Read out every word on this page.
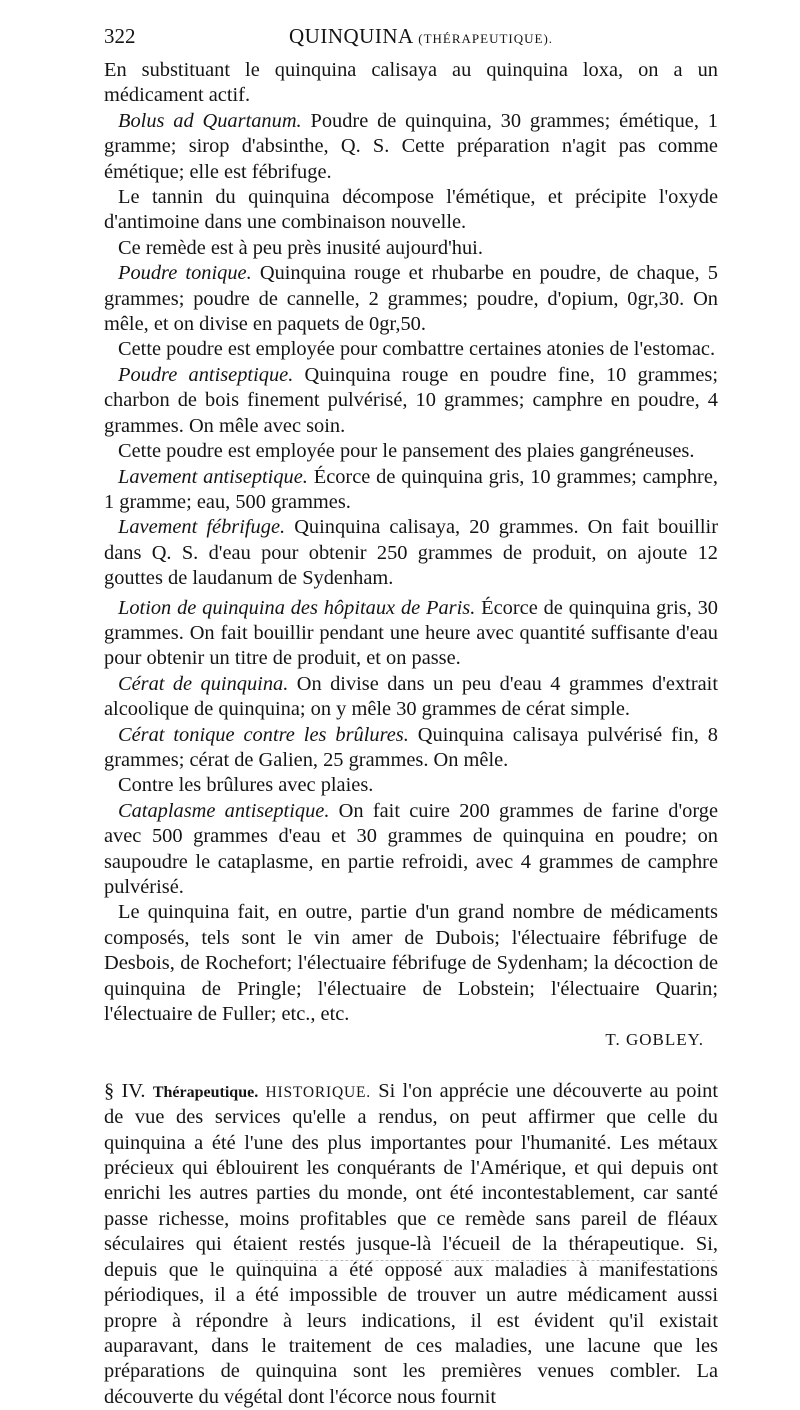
322	QUINQUINA (THÉRAPEUTIQUE).

En substituant le quinquina calisaya au quinquina loxa, on a un médicament actif.

Bolus ad Quartanum. Poudre de quinquina, 30 grammes; émétique, 1 gramme; sirop d'absinthe, Q. S. Cette préparation n'agit pas comme émétique; elle est fébrifuge.

Le tannin du quinquina décompose l'émétique, et précipite l'oxyde d'antimoine dans une combinaison nouvelle.

Ce remède est à peu près inusité aujourd'hui.

Poudre tonique. Quinquina rouge et rhubarbe en poudre, de chaque, 5 grammes; poudre de cannelle, 2 grammes; poudre, d'opium, 0gr,30. On mêle, et on divise en paquets de 0gr,50.

Cette poudre est employée pour combattre certaines atonies de l'estomac.

Poudre antiseptique. Quinquina rouge en poudre fine, 10 grammes; charbon de bois finement pulvérisé, 10 grammes; camphre en poudre, 4 grammes. On mêle avec soin.

Cette poudre est employée pour le pansement des plaies gangréneuses.

Lavement antiseptique. Écorce de quinquina gris, 10 grammes; camphre, 1 gramme; eau, 500 grammes.

Lavement fébrifuge. Quinquina calisaya, 20 grammes. On fait bouillir dans Q. S. d'eau pour obtenir 250 grammes de produit, on ajoute 12 gouttes de laudanum de Sydenham.

Lotion de quinquina des hôpitaux de Paris. Écorce de quinquina gris, 30 grammes. On fait bouillir pendant une heure avec quantité suffisante d'eau pour obtenir un titre de produit, et on passe.

Cérat de quinquina. On divise dans un peu d'eau 4 grammes d'extrait alcoolique de quinquina; on y mêle 30 grammes de cérat simple.

Cérat tonique contre les brûlures. Quinquina calisaya pulvérisé fin, 8 grammes; cérat de Galien, 25 grammes. On mêle.

Contre les brûlures avec plaies.

Cataplasme antiseptique. On fait cuire 200 grammes de farine d'orge avec 500 grammes d'eau et 30 grammes de quinquina en poudre; on saupoudre le cataplasme, en partie refroidi, avec 4 grammes de camphre pulvérisé.

Le quinquina fait, en outre, partie d'un grand nombre de médicaments composés, tels sont le vin amer de Dubois; l'électuaire fébrifuge de Desbois, de Rochefort; l'électuaire fébrifuge de Sydenham; la décoction de quinquina de Pringle; l'électuaire de Lobstein; l'électuaire Quarin; l'électuaire de Fuller; etc., etc.

T. GOBLEY.

§ IV. Thérapeutique. HISTORIQUE. Si l'on apprécie une découverte au point de vue des services qu'elle a rendus, on peut affirmer que celle du quinquina a été l'une des plus importantes pour l'humanité. Les métaux précieux qui éblouirent les conquérants de l'Amérique, et qui depuis ont enrichi les autres parties du monde, ont été incontestablement, car santé passe richesse, moins profitables que ce remède sans pareil de fléaux séculaires qui étaient restés jusque-là l'écueil de la thérapeutique. Si, depuis que le quinquina a été opposé aux maladies à manifestations périodiques, il a été impossible de trouver un autre médicament aussi propre à répondre à leurs indications, il est évident qu'il existait auparavant, dans le traitement de ces maladies, une lacune que les préparations de quinquina sont les premières venues combler. La découverte du végétal dont l'écorce nous fournit
